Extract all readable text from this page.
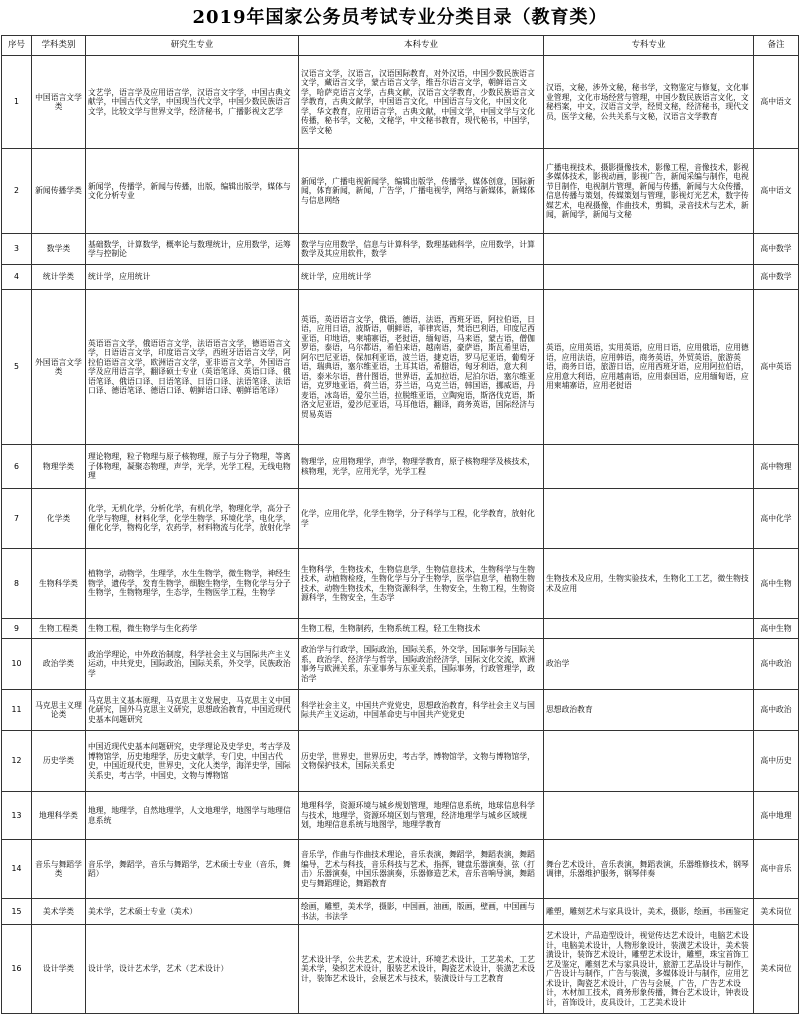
2019年国家公务员考试专业分类目录（教育类）
序号	学科类别	研究生专业	本科专业	专科专业	备注
1	中国语言文学类	文艺学，语言学及应用语言学，汉语言文字学，中国古典文献学，中国古代文学，中国现当代文学，中国少数民族语言文学，比较文学与世界文学，经济秘书，广播影视文艺学	汉语言文学，汉语言，汉语国际教育，对外汉语，中国少数民族语言文学，藏语言文学，蒙古语言文学，维吾尔语言文学，朝鲜语言文学，哈萨克语言文学，古典文献，汉语言文学教育，少数民族语言文学教育，古典文献学，中国语言文化，中国语言与文化，中国文化学，华文教育，应用语言学，古典文献，中国文学，中国文学与文化传播，秘书学，文秘，文秘学，中文秘书教育，现代秘书，中国学，医学文秘	汉语，文秘，涉外文秘，秘书学，文物鉴定与修复，文化事业管理，文化市场经营与管理，中国少数民族语言文化，文秘档案，中文，汉语言文学，经贸文秘，经济秘书，现代文员，医学文秘，公共关系与文秘，汉语言文学教育	高中语文
2	新闻传播学类	新闻学，传播学，新闻与传播，出版，编辑出版学，媒体与文化分析专业	新闻学，广播电视新闻学，编辑出版学，传播学，媒体创意，国际新闻，体育新闻，新闻，广告学，广播电视学，网络与新媒体，新媒体与信息网络	广播电视技术，摄影摄像技术，影像工程，音像技术，影视多媒体技术，影视动画，影视广告，新闻采编与制作，电视节目制作，电视制片管理，新闻与传播，新闻与大众传播，信息传播与策划，传媒策划与管理，影视灯光艺术，数字传媒艺术，电视摄像，作曲技术，剪辑，录音技术与艺术，新闻，新闻学，新闻与文秘	高中语文
3	数学类	基础数学，计算数学，概率论与数理统计，应用数学，运筹学与控制论	数学与应用数学，信息与计算科学，数理基础科学，应用数学，计算数学及其应用软件，数学		高中数学
4	统计学类	统计学，应用统计	统计学，应用统计学		高中数学
5	外国语言文学类	英语语言文学，俄语语言文学，法语语言文学，德语语言文学，日语语言文学，印度语言文学，西班牙语语言文学，阿拉伯语语言文学，欧洲语言文学，亚非语言文学，外国语言学及应用语言学，翻译硕士专业（英语笔译、英语口译、俄语笔译、俄语口译、日语笔译、日语口译、法语笔译、法语口译、德语笔译、德语口译、朝鲜语口译、朝鲜语笔译）	英语，英语语言文学，俄语，德语，法语，西班牙语，阿拉伯语，日语，应用日语，波斯语，朝鲜语，菲律宾语，梵语巴利语，印度尼西亚语，印地语，柬埔寨语，老挝语，缅甸语，马来语，蒙古语，僧伽罗语，泰语，乌尔都语，希伯来语，越南语，豪萨语，斯瓦希里语，阿尔巴尼亚语，保加利亚语，波兰语，捷克语，罗马尼亚语，葡萄牙语，瑞典语，塞尔维亚语，土耳其语，希腊语，匈牙利语，意大利语，泰米尔语，普什图语，世界语，孟加拉语，尼泊尔语，塞尔维亚语，克罗地亚语，荷兰语，芬兰语，乌克兰语，韩国语，挪威语，丹麦语，冰岛语，爱尔兰语，拉脱维亚语，立陶宛语，斯洛伐克语，斯洛文尼亚语，爱沙尼亚语，马耳他语，翻译，商务英语，国际经济与贸易英语	英语，应用英语，实用英语，应用日语，应用俄语，应用德语，应用法语，应用韩语，商务英语，外贸英语，旅游英语，商务日语，旅游日语，应用西班牙语，应用阿拉伯语，应用意大利语，应用越南语，应用泰国语，应用缅甸语，应用柬埔寨语，应用老挝语	高中英语
6	物理学类	理论物理，粒子物理与原子核物理，原子与分子物理，等离子体物理，凝聚态物理，声学，光学，光学工程，无线电物理	物理学，应用物理学，声学，物理学教育，原子核物理学及核技术，核物理，光学，应用光学，光学工程		高中物理
7	化学类	化学，无机化学，分析化学，有机化学，物理化学，高分子化学与物理，材料化学，化学生物学，环境化学，电化学，催化化学，物构化学，农药学，材料物流与化学，放射化学	化学，应用化学，化学生物学，分子科学与工程，化学教育，放射化学		高中化学
8	生物科学类	植物学，动物学，生理学，水生生物学，微生物学，神经生物学，遗传学，发育生物学，细胞生物学，生物化学与分子生物学，生物物理学，生态学，生物医学工程，生物学	生物科学，生物技术，生物信息学，生物信息技术，生物科学与生物技术，动植物检疫，生物化学与分子生物学，医学信息学，植物生物技术，动物生物技术，生物资源科学，生物安全，生物工程，生物资源科学，生物安全，生态学	生物技术及应用，生物实验技术，生物化工工艺，微生物技术及应用	高中生物
9	生物工程类	生物工程，微生物学与生化药学	生物工程，生物制药，生物系统工程，轻工生物技术		高中生物
10	政治学类	政治学理论，中外政治制度，科学社会主义与国际共产主义运动，中共党史，国际政治，国际关系，外交学，民族政治学	政治学与行政学，国际政治，国际关系，外交学，国际事务与国际关系，政治学、经济学与哲学，国际政治经济学，国际文化交流，欧洲事务与欧洲关系，东亚事务与东亚关系，国际事务，行政管理学，政治学	政治学	高中政治
11	马克思主义理论类	马克思主义基本原理，马克思主义发展史，马克思主义中国化研究，国外马克思主义研究，思想政治教育，中国近现代史基本问题研究	科学社会主义，中国共产党党史，思想政治教育，科学社会主义与国际共产主义运动，中国革命史与中国共产党党史	思想政治教育	高中政治
12	历史学类	中国近现代史基本问题研究，史学理论及史学史，考古学及博物馆学，历史地理学，历史文献学，专门史，中国古代史，中国近现代史，世界史，文化人类学，海洋史学，国际关系史，考古学，中国史，文物与博物馆	历史学，世界史，世界历史，考古学，博物馆学，文物与博物馆学，文物保护技术，国际关系史		高中历史
13	地理科学类	地理，地理学，自然地理学，人文地理学，地图学与地理信息系统	地理科学，资源环境与城乡规划管理，地理信息系统，地球信息科学与技术，地理学，资源环境区划与管理，经济地理学与城乡区域规划，地理信息系统与地图学，地理学教育		高中地理
14	音乐与舞蹈学类	音乐学，舞蹈学，音乐与舞蹈学，艺术硕士专业（音乐，舞蹈）	音乐学，作曲与作曲技术理论，音乐表演，舞蹈学，舞蹈表演，舞蹈编导，艺术与科技，音乐科技与艺术，指挥，键盘乐器演奏，弦（打击）乐器演奏，中国乐器演奏，乐器修造艺术，音乐音响导演，舞蹈史与舞蹈理论，舞蹈教育	舞台艺术设计，音乐表演，舞蹈表演，乐器维修技术，钢琴调律，乐器维护服务，钢琴伴奏	高中音乐
15	美术学类	美术学，艺术硕士专业（美术）	绘画，雕塑，美术学，摄影，中国画，油画，版画，壁画，中国画与书法，书法学	雕塑，雕刻艺术与家具设计，美术，摄影，绘画，书画鉴定	美术岗位
16	设计学类	设计学，设计艺术学，艺术（艺术设计）	艺术设计学，公共艺术，艺术设计，环境艺术设计，工艺美术，工艺美术学，染织艺术设计，服装艺术设计，陶瓷艺术设计，装潢艺术设计，装饰艺术设计，会展艺术与技术，装潢设计与工艺教育	艺术设计，产品造型设计，视觉传达艺术设计，电脑艺术设计，电脑美术设计，人物形象设计，装潢艺术设计，美术装潢设计，装饰艺术设计，雕塑艺术设计，雕塑，珠宝首饰工艺及鉴定，雕刻艺术与家具设计，旅游工艺品设计与制作，广告设计与制作，广告与装潢，多媒体设计与制作，应用艺术设计，陶瓷艺术设计，广告与会展，广告，广告艺术设计，木材加工技术，商务形象传播，舞台艺术设计，钟表设计，首饰设计，皮具设计，工艺美术设计	美术岗位
